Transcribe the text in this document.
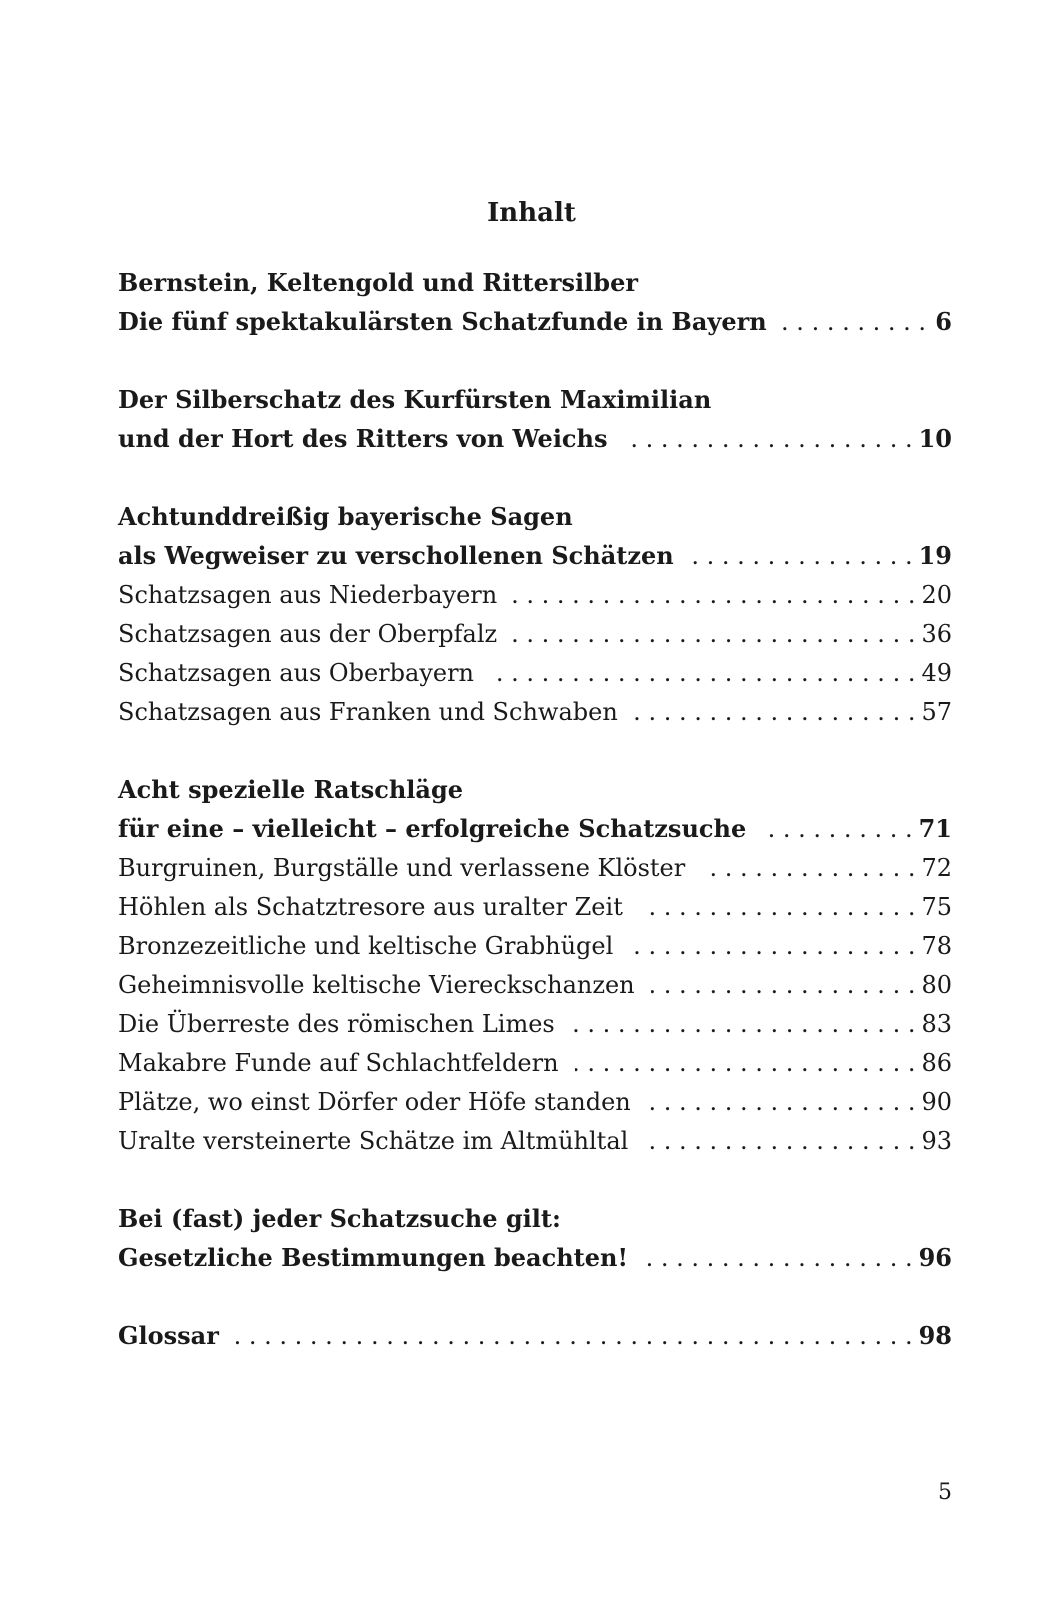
Inhalt
Bernstein, Keltengold und Rittersilber
Die fünf spektakulärsten Schatzfunde in Bayern . . .	6
Der Silberschatz des Kurfürsten Maximilian
und der Hort des Ritters von Weichs . . .	10
Achtunddreißig bayerische Sagen
als Wegweiser zu verschollenen Schätzen . . .	19
Schatzsagen aus Niederbayern . . .	20
Schatzsagen aus der Oberpfalz . . .	36
Schatzsagen aus Oberbayern . . .	49
Schatzsagen aus Franken und Schwaben . . .	57
Acht spezielle Ratschläge
für eine – vielleicht – erfolgreiche Schatzsuche . . .	71
Burgruinen, Burgställe und verlassene Klöster . . .	72
Höhlen als Schatztresore aus uralter Zeit . . .	75
Bronzezeitliche und keltische Grabhügel . . .	78
Geheimnisvolle keltische Viereckschanzen . . .	80
Die Überreste des römischen Limes . . .	83
Makabre Funde auf Schlachtfeldern . . .	86
Plätze, wo einst Dörfer oder Höfe standen . . .	90
Uralte versteinerte Schätze im Altmühltal . . .	93
Bei (fast) jeder Schatzsuche gilt:
Gesetzliche Bestimmungen beachten! . . .	96
Glossar . . .	98
5
